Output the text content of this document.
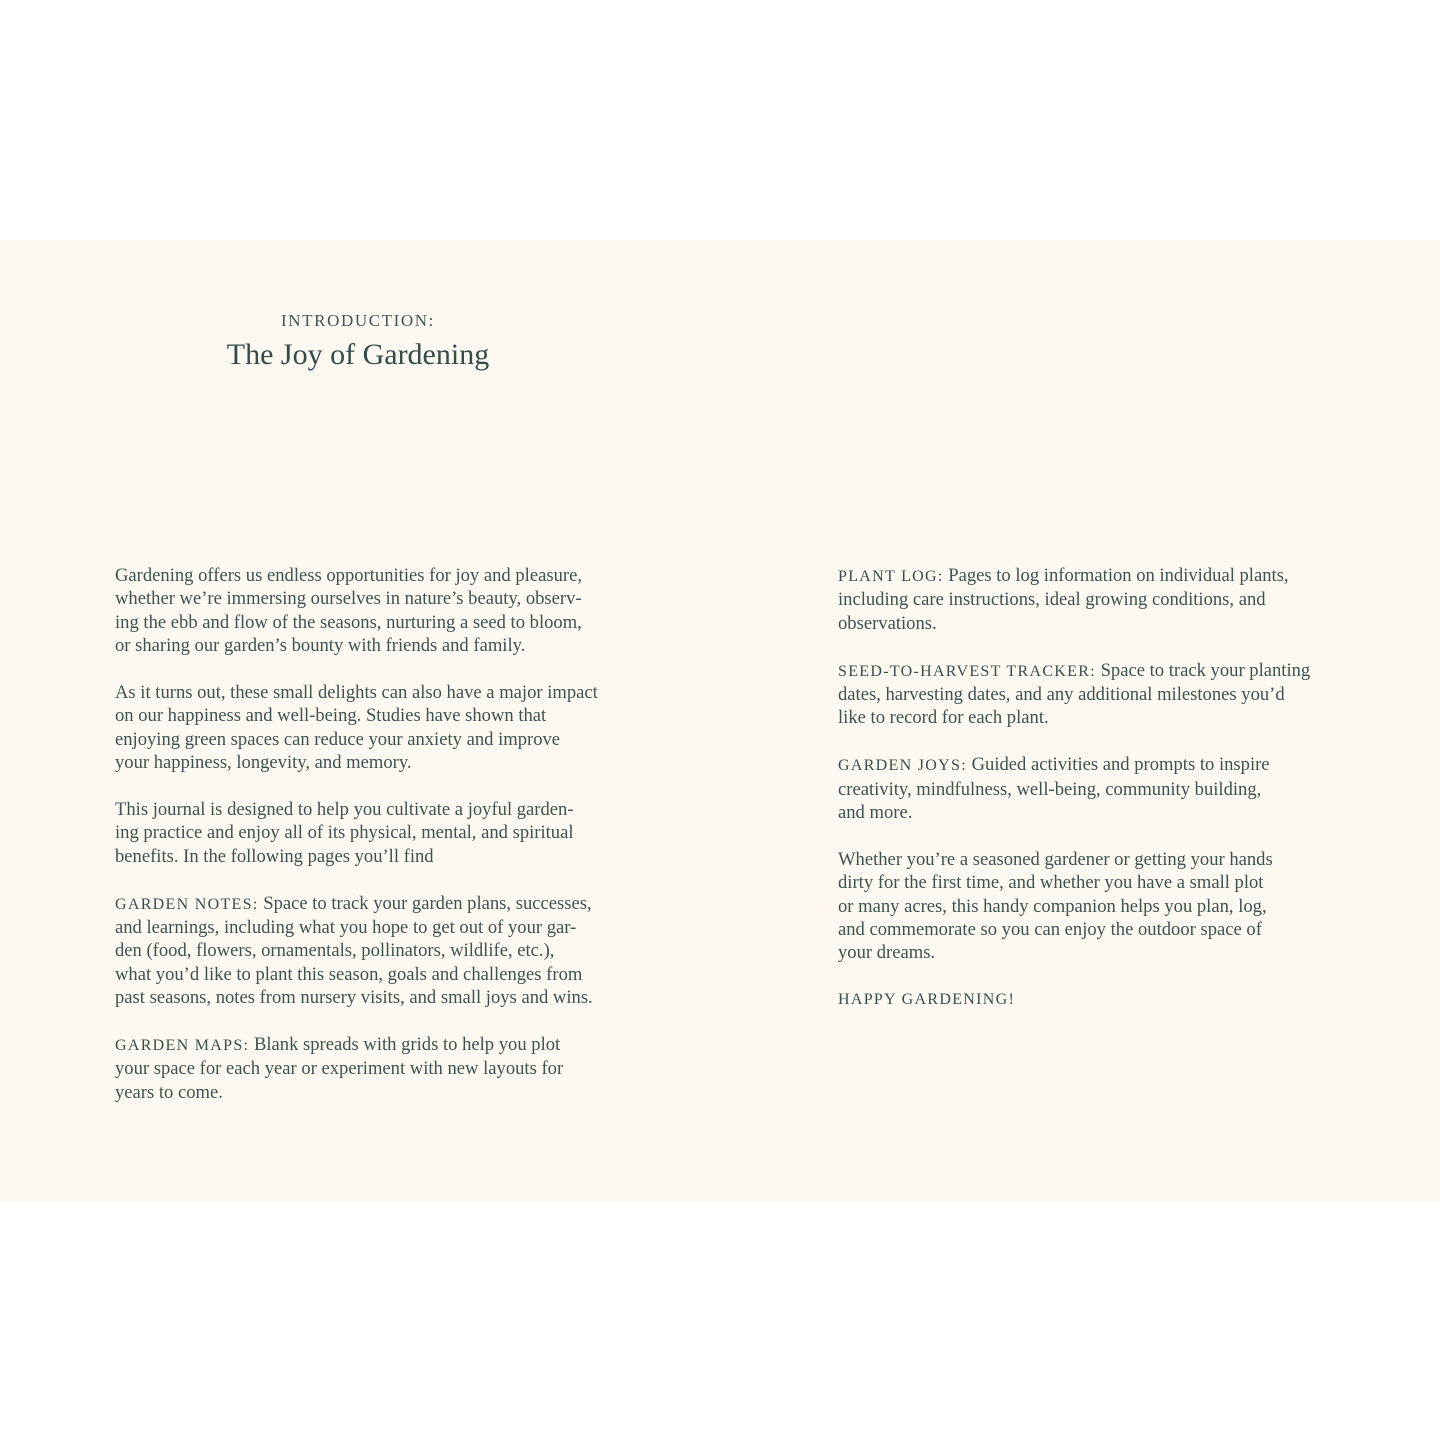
INTRODUCTION:
The Joy of Gardening

Gardening offers us endless opportunities for joy and pleasure,
whether we’re immersing ourselves in nature’s beauty, observ-
ing the ebb and flow of the seasons, nurturing a seed to bloom,
or sharing our garden’s bounty with friends and family.

As it turns out, these small delights can also have a major impact
on our happiness and well-being. Studies have shown that
enjoying green spaces can reduce your anxiety and improve
your happiness, longevity, and memory.

This journal is designed to help you cultivate a joyful garden-
ing practice and enjoy all of its physical, mental, and spiritual
benefits. In the following pages you’ll find

GARDEN NOTES: Space to track your garden plans, successes,
and learnings, including what you hope to get out of your gar-
den (food, flowers, ornamentals, pollinators, wildlife, etc.),
what you’d like to plant this season, goals and challenges from
past seasons, notes from nursery visits, and small joys and wins.

GARDEN MAPS: Blank spreads with grids to help you plot
your space for each year or experiment with new layouts for
years to come.

PLANT LOG: Pages to log information on individual plants,
including care instructions, ideal growing conditions, and
observations.

SEED-TO-HARVEST TRACKER: Space to track your planting
dates, harvesting dates, and any additional milestones you’d
like to record for each plant.

GARDEN JOYS: Guided activities and prompts to inspire
creativity, mindfulness, well-being, community building,
and more.

Whether you’re a seasoned gardener or getting your hands
dirty for the first time, and whether you have a small plot
or many acres, this handy companion helps you plan, log,
and commemorate so you can enjoy the outdoor space of
your dreams.

HAPPY GARDENING!
